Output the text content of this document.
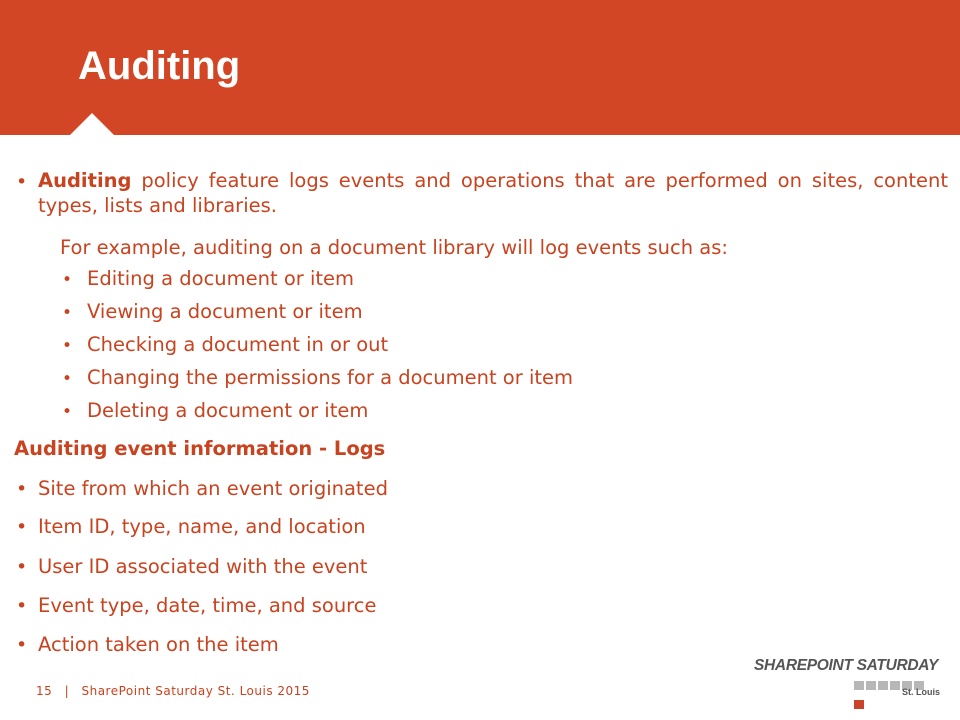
Auditing
• Auditing policy feature logs events and operations that are performed on sites, content types, lists and libraries.
For example, auditing on a document library will log events such as:
• Editing a document or item
• Viewing a document or item
• Checking a document in or out
• Changing the permissions for a document or item
• Deleting a document or item
Auditing event information - Logs
• Site from which an event originated
• Item ID, type, name, and location
• User ID associated with the event
• Event type, date, time, and source
• Action taken on the item
15 | SharePoint Saturday St. Louis 2015
SHAREPOINT SATURDAY
St. Louis
